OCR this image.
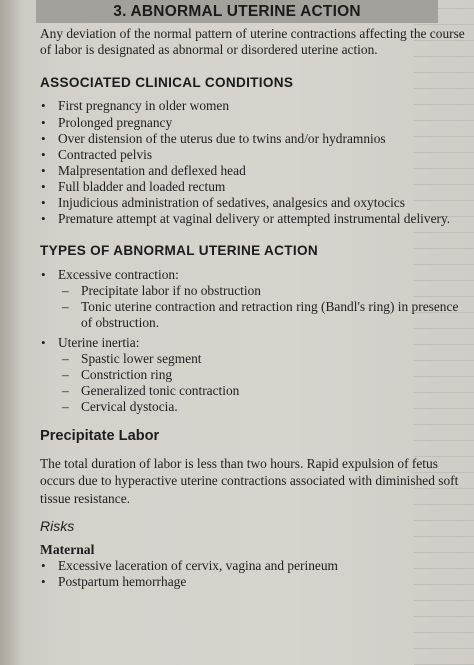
3. ABNORMAL UTERINE ACTION

Any deviation of the normal pattern of uterine contractions affecting the course of labor is designated as abnormal or disordered uterine action.

ASSOCIATED CLINICAL CONDITIONS
• First pregnancy in older women
• Prolonged pregnancy
• Over distension of the uterus due to twins and/or hydramnios
• Contracted pelvis
• Malpresentation and deflexed head
• Full bladder and loaded rectum
• Injudicious administration of sedatives, analgesics and oxytocics
• Premature attempt at vaginal delivery or attempted instrumental delivery.
TYPES OF ABNORMAL UTERINE ACTION
• Excessive contraction:
– Precipitate labor if no obstruction
– Tonic uterine contraction and retraction ring (Bandl's ring) in presence of obstruction.
• Uterine inertia:
– Spastic lower segment
– Constriction ring
– Generalized tonic contraction
– Cervical dystocia.
Precipitate Labor

The total duration of labor is less than two hours. Rapid expulsion of fetus occurs due to hyperactive uterine contractions associated with diminished soft tissue resistance.

Risks

Maternal

• Excessive laceration of cervix, vagina and perineum
• Postpartum hemorrhage
